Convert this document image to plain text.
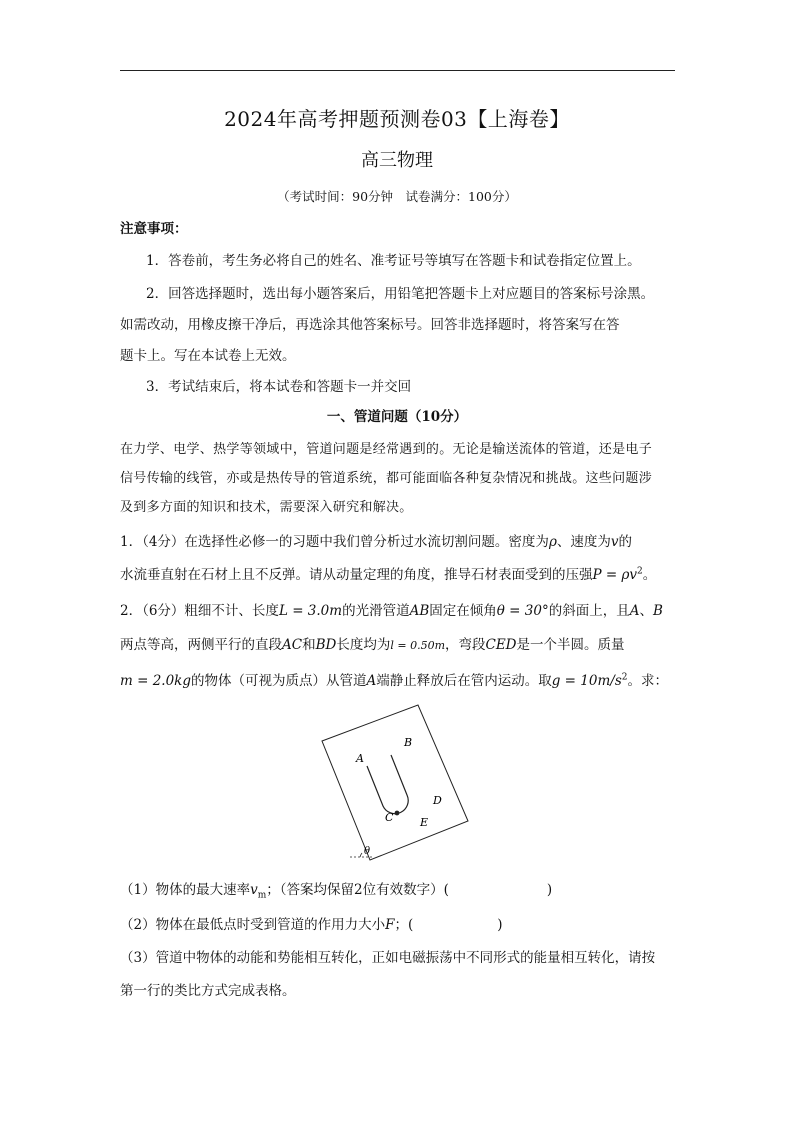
2024年高考押题预测卷03【上海卷】
高三物理
（考试时间：90分钟　试卷满分：100分）
注意事项：
1．答卷前，考生务必将自己的姓名、准考证号等填写在答题卡和试卷指定位置上。
2．回答选择题时，选出每小题答案后，用铅笔把答题卡上对应题目的答案标号涂黑。
如需改动，用橡皮擦干净后，再选涂其他答案标号。回答非选择题时，将答案写在答
题卡上。写在本试卷上无效。
3．考试结束后，将本试卷和答题卡一并交回
一、管道问题（10分）
在力学、电学、热学等领域中，管道问题是经常遇到的。无论是输送流体的管道，还是电子
信号传输的线管，亦或是热传导的管道系统，都可能面临各种复杂情况和挑战。这些问题涉
及到多方面的知识和技术，需要深入研究和解决。
1．（4分）在选择性必修一的习题中我们曾分析过水流切割问题。密度为ρ、速度为v的
水流垂直射在石材上且不反弹。请从动量定理的角度，推导石材表面受到的压强$P = \rho v^2$。
2．（6分）粗细不计、长度L = 3.0m的光滑管道AB固定在倾角θ = 30°的斜面上，且A、B
两点等高，两侧平行的直段AC和BD长度均为l = 0.50m，弯段CED是一个半圆。质量
m = 2.0kg的物体（可视为质点）从管道A端静止释放后在管内运动。取$g = 10m/s^2$。求：
A
B
C
D
E
θ
（1）物体的最大速率$v_m$；（答案均保留2位有效数字）(	)
（2）物体在最低点时受到管道的作用力大小F；(	)
（3）管道中物体的动能和势能相互转化，正如电磁振荡中不同形式的能量相互转化，请按
第一行的类比方式完成表格。
